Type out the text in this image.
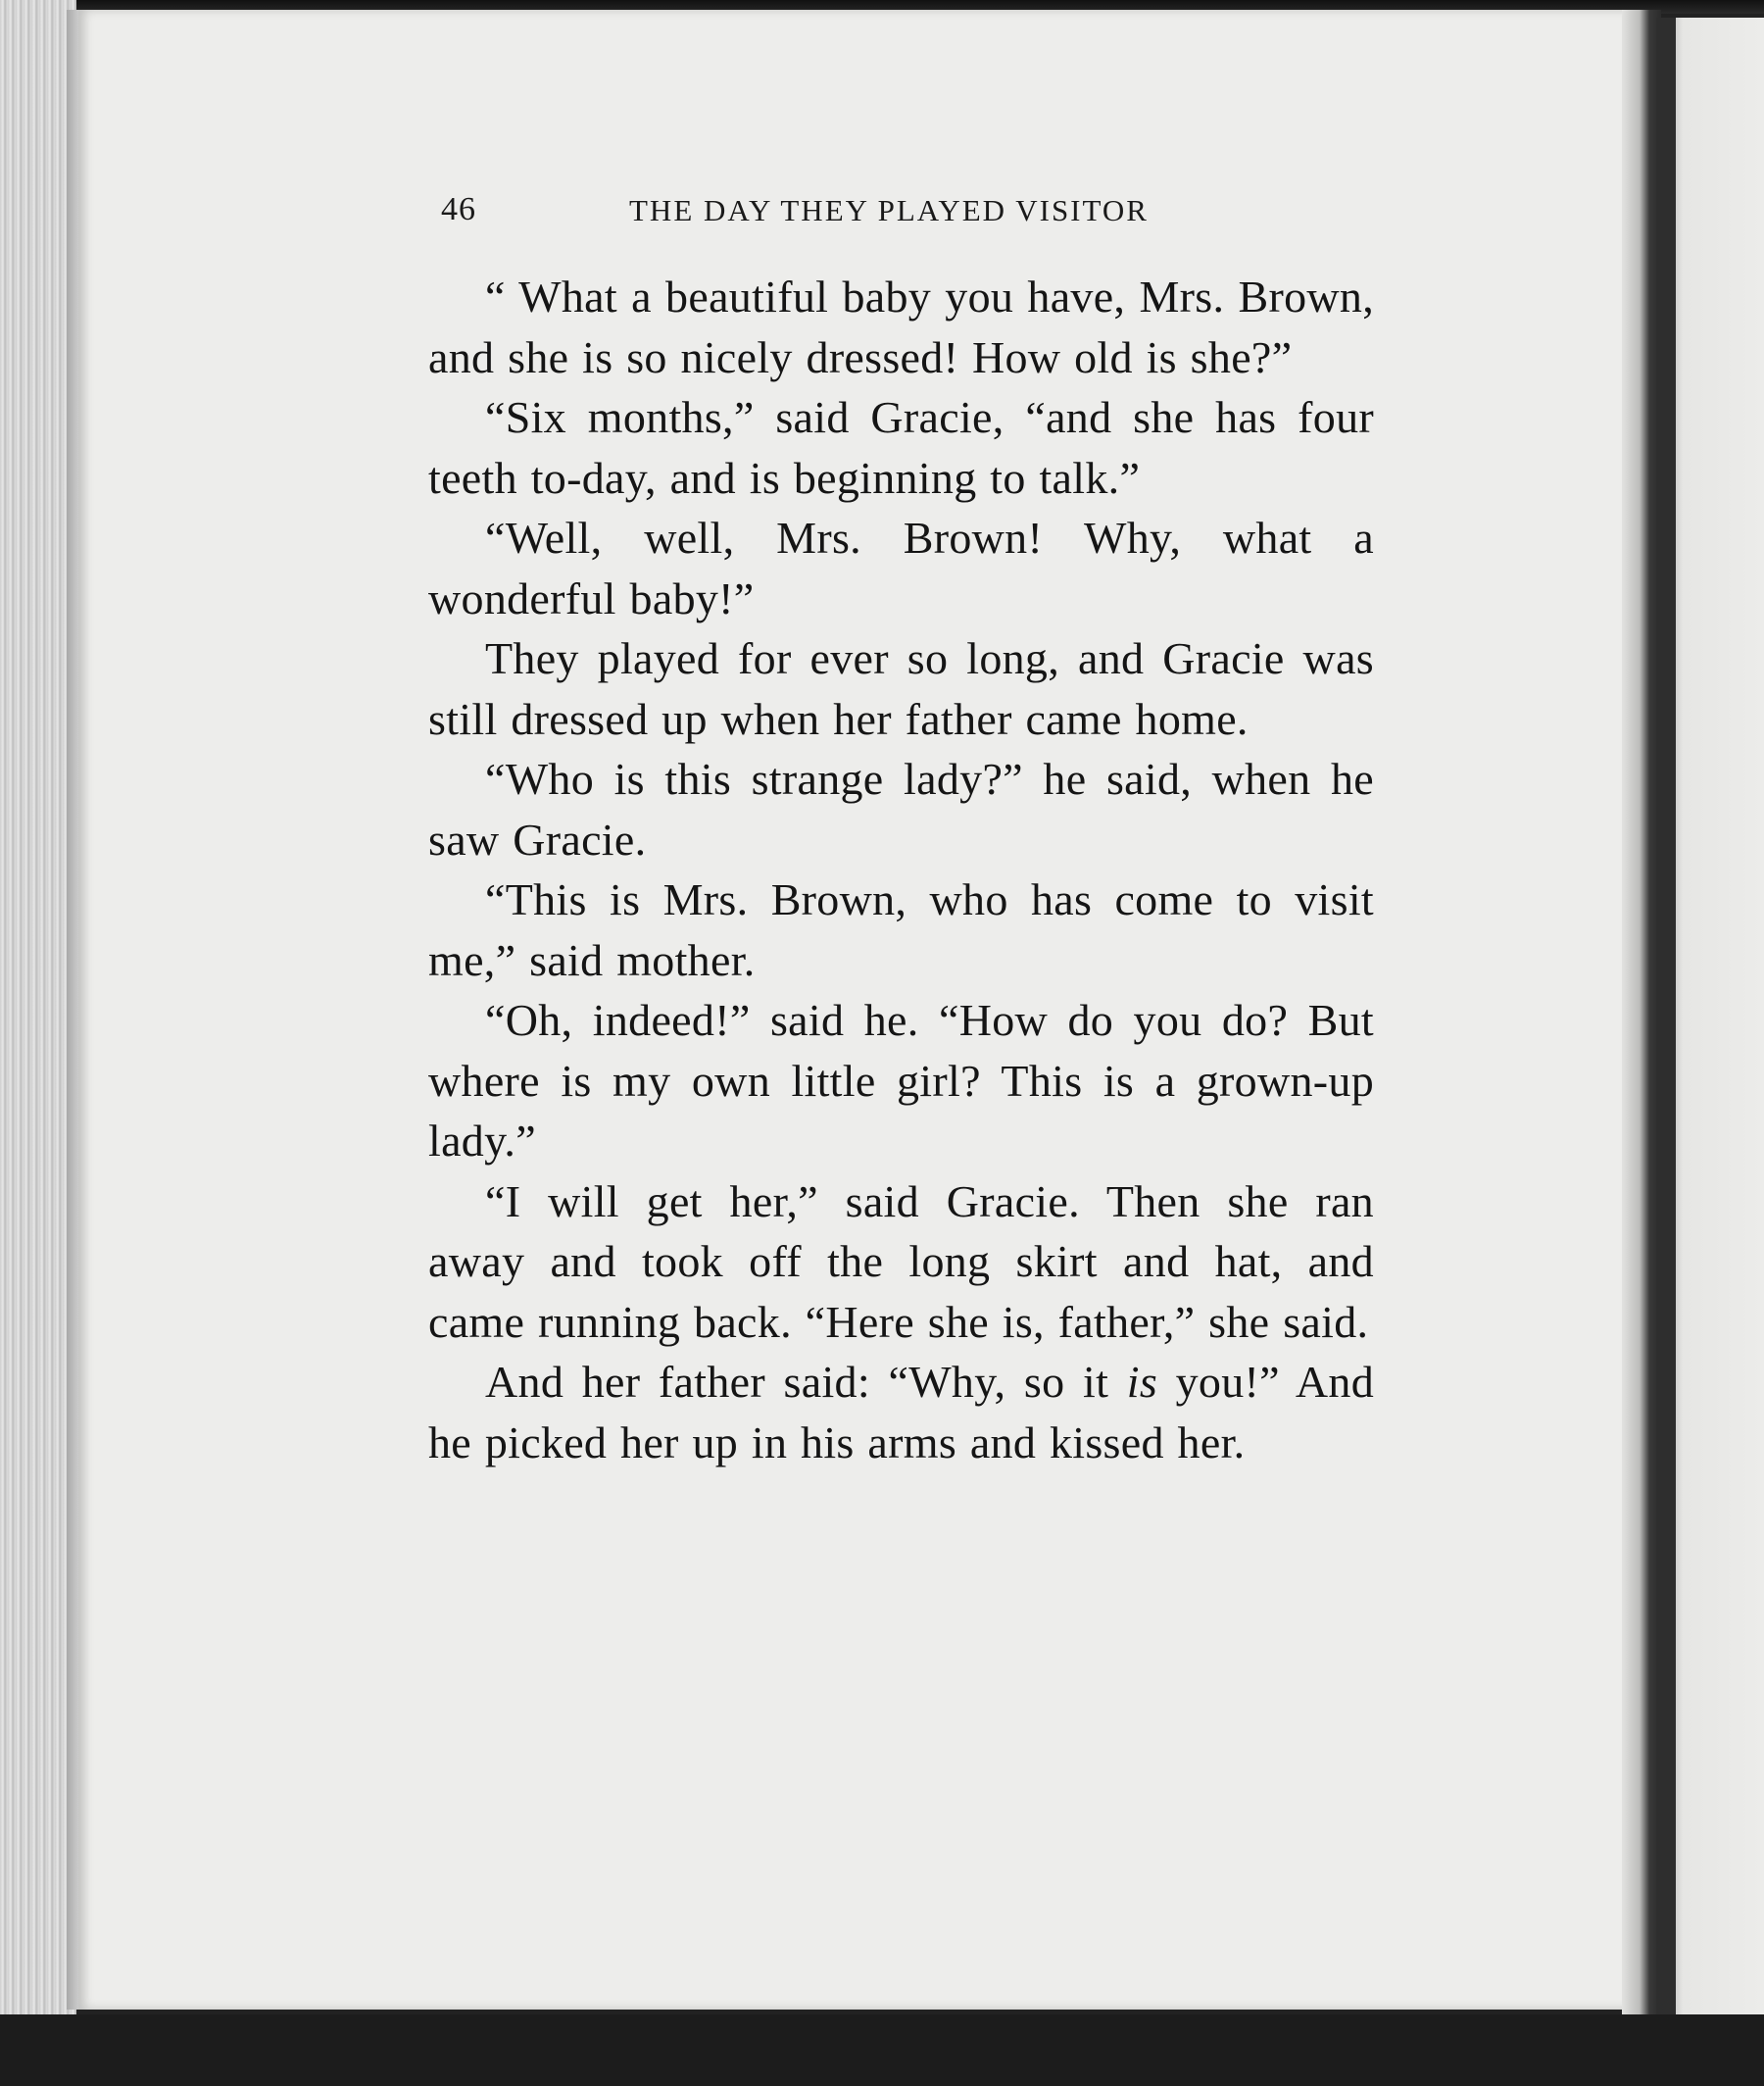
46	THE DAY THEY PLAYED VISITOR

“ What a beautiful baby you have, Mrs. Brown, and she is so nicely dressed! How old is she?”

“Six months,” said Gracie, “and she has four teeth to-day, and is beginning to talk.”

“Well, well, Mrs. Brown! Why, what a wonderful baby!”

They played for ever so long, and Gracie was still dressed up when her father came home.

“Who is this strange lady?” he said, when he saw Gracie.

“This is Mrs. Brown, who has come to visit me,” said mother.

“Oh, indeed!” said he. “How do you do? But where is my own little girl? This is a grown-up lady.”

“I will get her,” said Gracie. Then she ran away and took off the long skirt and hat, and came running back. “Here she is, father,” she said.

And her father said: “Why, so it is you!” And he picked her up in his arms and kissed her.
